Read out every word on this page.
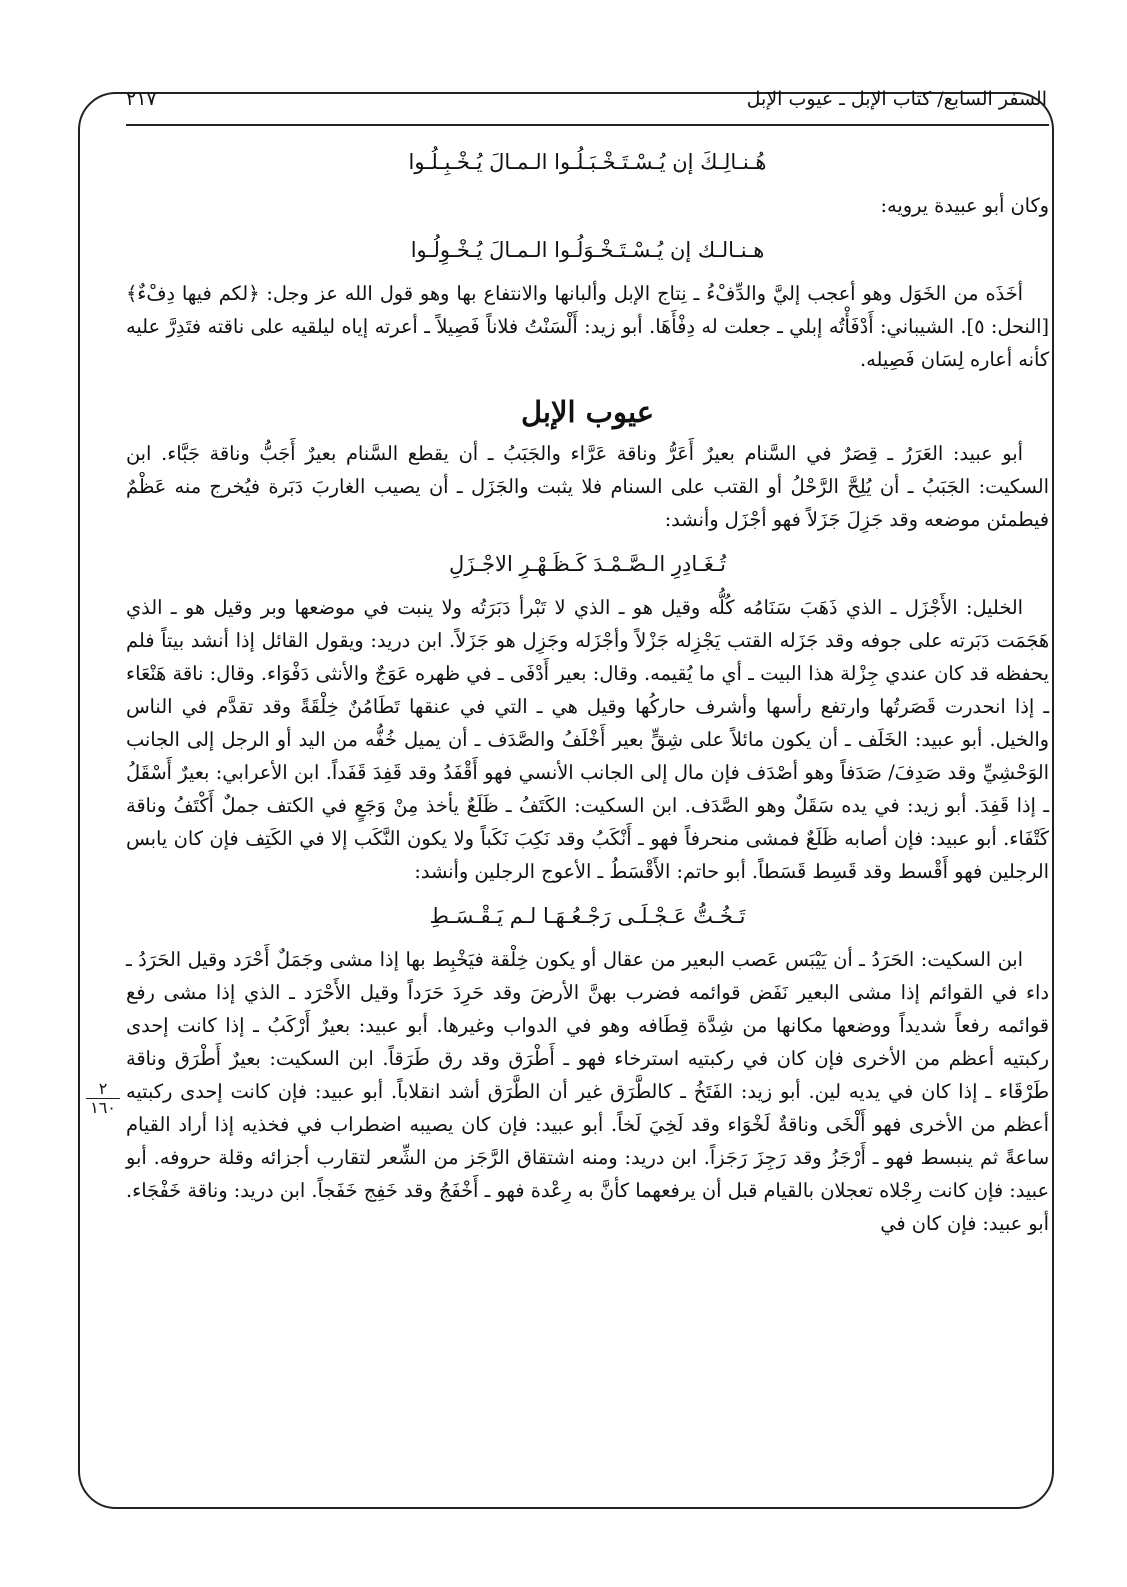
السفر السابع/ كتاب الإبل ـ عيوب الإبل
٢١٧
٢
١٦٠

هُـنـالِـكَ إن يُـسْـتَـخْـبَـلُـوا الـمـالَ يُـخْـبِـلُـوا

وكان أبو عبيدة يرويه:

هـنـالـك إن يُـسْـتَـخْـوَلُـوا الـمـالَ يُـخْـوِلُـوا

أخَذَه من الخَوَل وهو أعجب إليَّ والدِّفْءُ ـ نِتاج الإبل وألبانها والانتفاع بها وهو قول الله عز وجل: ﴿لكم فيها دِفْءٌ﴾ [النحل: ٥]. الشيباني: أَدْفَأْتُه إبلي ـ جعلت له دِفْأَهَا. أبو زيد: أَلْسَنْتُ فلاناً فَصِيلاً ـ أعرته إياه ليلقيه على ناقته فتَدِرَّ عليه كأنه أعاره لِسَان فَصِيله.

عيوب الإبل

أبو عبيد: العَرَرُ ـ قِصَرٌ في السَّنام بعيرٌ أَعَرُّ وناقة عَرَّاء والجَبَبُ ـ أن يقطع السَّنام بعيرٌ أَجَبُّ وناقة جَبَّاء. ابن السكيت: الجَبَبُ ـ أن يُلِحَّ الرَّحْلُ أو القتب على السنام فلا يثبت والجَزَل ـ أن يصيب الغاربَ دَبَرة فيُخرج منه عَظْمٌ فيطمئن موضعه وقد جَزِلَ جَزَلاً فهو أجْزَل وأنشد:

تُـغَـادِرِ الـصَّـمْـدَ كَـظَـهْـرِ الاجْـزَلِ

الخليل: الأَجْزَل ـ الذي ذَهَبَ سَنَامُه كُلُّه وقيل هو ـ الذي لا تَبْرأ دَبَرَتُه ولا ينبت في موضعها وبر وقيل هو ـ الذي هَجَمَت دَبَرته على جوفه وقد جَزَله القتب يَجْزِله جَزْلاً وأجْزَله وجَزِل هو جَزَلاً. ابن دريد: ويقول القائل إذا أنشد بيتاً فلم يحفظه قد كان عندي جِزْلة هذا البيت ـ أي ما يُقيمه. وقال: بعير أَدْفَى ـ في ظهره عَوَجٌ والأنثى دَفْوَاء. وقال: ناقة هَنْعَاء ـ إذا انحدرت قَصَرتُها وارتفع رأسها وأشرف حاركُها وقيل هي ـ التي في عنقها تَطَامُنٌ خِلْقَةً وقد تقدَّم في الناس والخيل. أبو عبيد: الخَلَف ـ أن يكون مائلاً على شِقٍّ بعير أَخْلَفُ والصَّدَف ـ أن يميل خُفُّه من اليد أو الرجل إلى الجانب الوَحْشِيِّ وقد صَدِفَ/ صَدَفاً وهو أصْدَف فإن مال إلى الجانب الأنسي فهو أَقْفَدُ وقد قَفِدَ قَفَداً. ابن الأعرابي: بعيرٌ أَسْقَلُ ـ إذا قَفِدَ. أبو زيد: في يده سَقَلٌ وهو الصَّدَف. ابن السكيت: الكَتَفُ ـ ظَلَعٌ يأخذ مِنْ وَجَعٍ في الكتف جملٌ أَكْتَفُ وناقة كَتْفَاء. أبو عبيد: فإن أصابه ظَلَعٌ فمشى منحرفاً فهو ـ أَنْكَبُ وقد نَكِبَ نَكَباً ولا يكون النَّكَب إلا في الكَتِف فإن كان يابس الرجلين فهو أَقْسط وقد قَسِط قَسَطاً. أبو حاتم: الأَقْسَطُ ـ الأعوج الرجلين وأنشد:

تَـخُـتُّ عَـجْـلَـى رَجْـعُـهَـا لـم يَـقْـسَـطِ

ابن السكيت: الحَرَدُ ـ أن يَيْبَس عَصب البعير من عقال أو يكون خِلْقة فيَخْبِط بها إذا مشى وجَمَلٌ أَحْرَد وقيل الحَرَدُ ـ داء في القوائم إذا مشى البعير نَفَض قوائمه فضرب بهنَّ الأرضَ وقد حَرِدَ حَرَداً وقيل الأَحْرَد ـ الذي إذا مشى رفع قوائمه رفعاً شديداً ووضعها مكانها من شِدَّة قِطَافه وهو في الدواب وغيرها. أبو عبيد: بعيرٌ أَرْكَبُ ـ إذا كانت إحدى ركبتيه أعظم من الأخرى فإن كان في ركبتيه استرخاء فهو ـ أَطْرَق وقد رق طَرَقاً. ابن السكيت: بعيرٌ أَطْرَق وناقة طَرْقَاء ـ إذا كان في يديه لين. أبو زيد: الفَتَخُ ـ كالطَّرَق غير أن الطَّرَق أشد انقلاباً. أبو عبيد: فإن كانت إحدى ركبتيه أعظم من الأخرى فهو أَلْخَى وناقةٌ لَخْوَاء وقد لَخِيَ لَخاً. أبو عبيد: فإن كان يصيبه اضطراب في فخذيه إذا أراد القيام ساعةً ثم ينبسط فهو ـ أَرْجَزُ وقد رَجِزَ رَجَزاً. ابن دريد: ومنه اشتقاق الرَّجَز من الشِّعر لتقارب أجزائه وقلة حروفه. أبو عبيد: فإن كانت رِجْلاه تعجلان بالقيام قبل أن يرفعهما كأنَّ به رِعْدة فهو ـ أَخْفَجُ وقد خَفِج خَفَجاً. ابن دريد: وناقة خَفْجَاء. أبو عبيد: فإن كان في
